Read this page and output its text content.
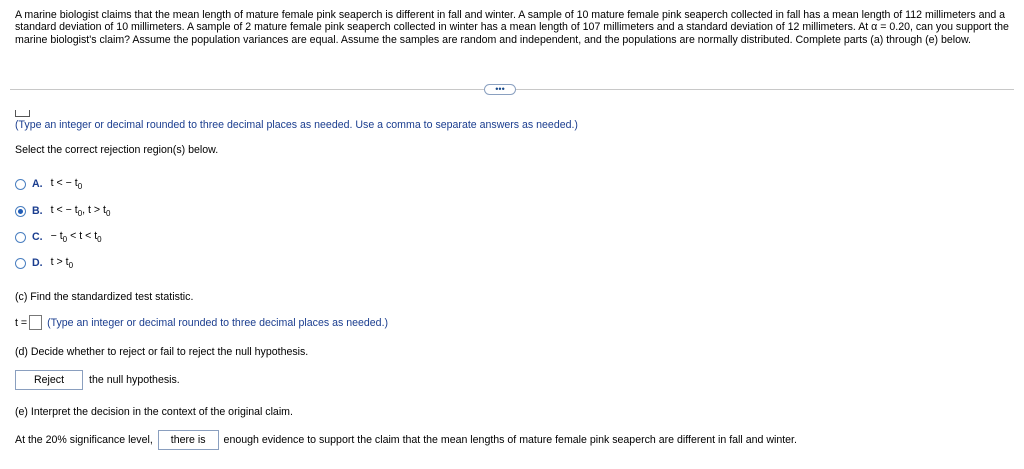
A marine biologist claims that the mean length of mature female pink seaperch is different in fall and winter. A sample of 10 mature female pink seaperch collected in fall has a mean length of 112 millimeters and a standard deviation of 10 millimeters. A sample of 2 mature female pink seaperch collected in winter has a mean length of 107 millimeters and a standard deviation of 12 millimeters. At α = 0.20, can you support the marine biologist's claim? Assume the population variances are equal. Assume the samples are random and independent, and the populations are normally distributed. Complete parts (a) through (e) below.
•••
(Type an integer or decimal rounded to three decimal places as needed. Use a comma to separate answers as needed.)
Select the correct rejection region(s) below.
A. t < − $t_0$
B. t < − $t_0$, $t > t_0$
C. − $t_0 < t < t_0$
D. $t > t_0$
(c) Find the standardized test statistic.
t = (Type an integer or decimal rounded to three decimal places as needed.)
(d) Decide whether to reject or fail to reject the null hypothesis.
Reject	the null hypothesis.
(e) Interpret the decision in the context of the original claim.
At the 20% significance level,	there is	enough evidence to support the claim that the mean lengths of mature female pink seaperch are different in fall and winter.
